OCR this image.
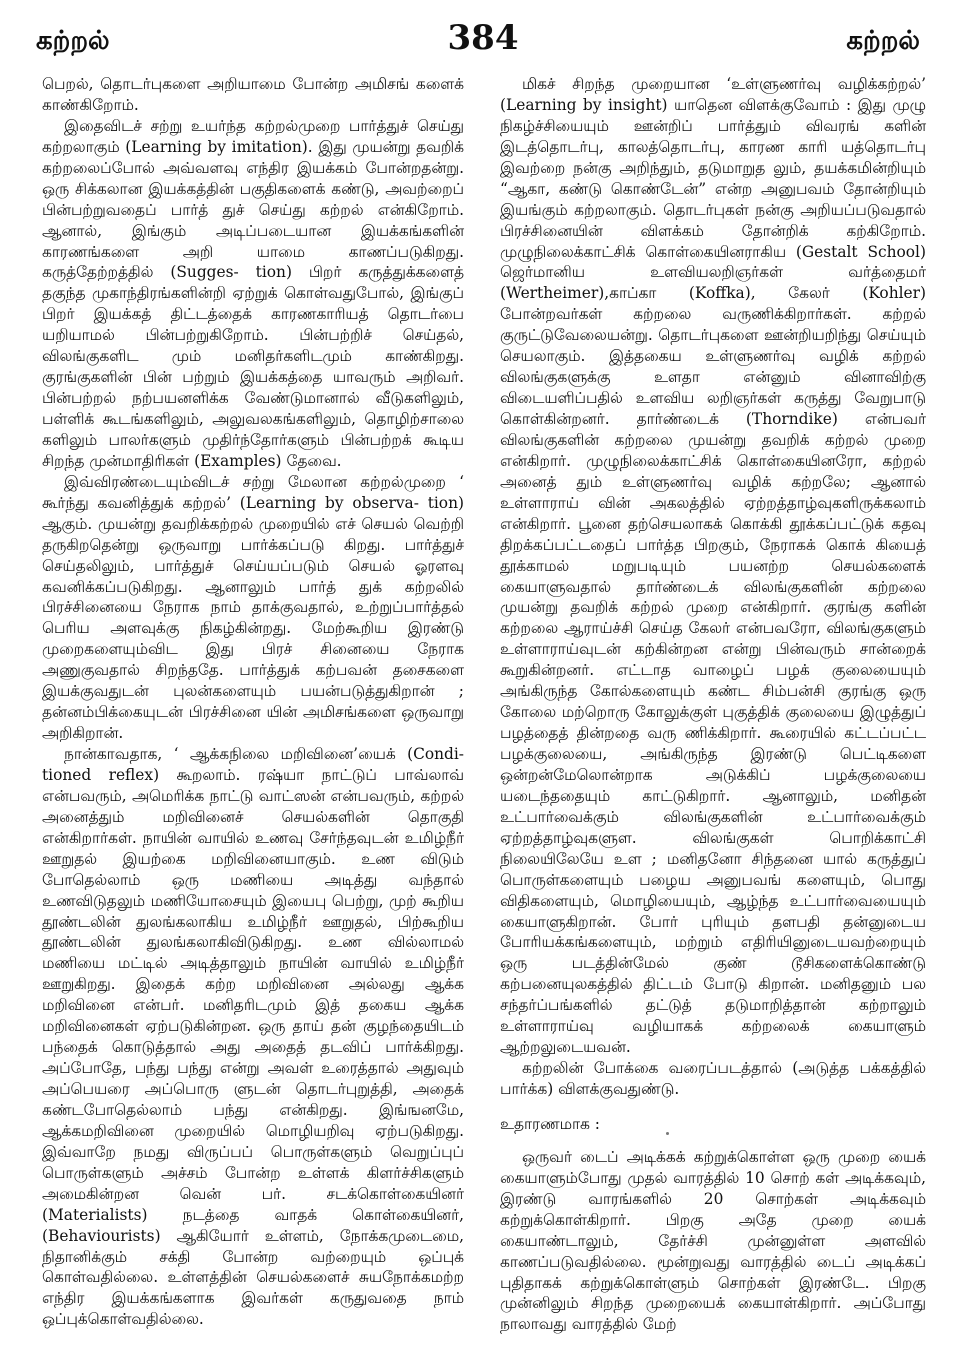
கற்றல்	384	கற்றல்

பெறல், தொடர்புகளை அறியாமை போன்ற அமிசங் களைக் காண்கிறோம்.

இதைவிடச் சற்று உயர்ந்த கற்றல்முறை பார்த்துச் செய்து கற்றலாகும் (Learning by imitation). இது முயன்று தவறிக் கற்றலைப்போல் அவ்வளவு எந்திர இயக்கம் போன்றதன்று. ஒரு சிக்கலான இயக்கத்தின் பகுதிகளைக் கண்டு, அவற்றைப் பின்பற்றுவதைப் பார்த் துச் செய்து கற்றல் என்கிறோம். ஆனால், இங்கும் அடிப்படையான இயக்கங்களின் காரணங்களை அறி யாமை காணப்படுகிறது. கருத்தேற்றத்தில் (Sugges- tion) பிறர் கருத்துக்களைத் தகுந்த முகாந்திரங்களின்றி ஏற்றுக் கொள்வதுபோல், இங்குப் பிறர் இயக்கத் திட்டத்தைக் காரணகாரியத் தொடர்பை யறியாமல் பின்பற்றுகிறோம். பின்பற்றிச் செய்தல், விலங்குகளிட மும் மனிதர்களிடமும் காண்கிறது. குரங்குகளின் பின் பற்றும் இயக்கத்தை யாவரும் அறிவர். பின்பற்றல் நற்பயனளிக்க வேண்டுமானால் வீடுகளிலும், பள்ளிக் கூடங்களிலும், அலுவலகங்களிலும், தொழிற்சாலை களிலும் பாலர்களும் முதிர்ந்தோர்களும் பின்பற்றக் கூடிய சிறந்த முன்மாதிரிகள் (Examples) தேவை.

இவ்விரண்டையும்விடச் சற்று மேலான கற்றல்முறை ‘ கூர்ந்து கவனித்துக் கற்றல்’ (Learning by observa- tion) ஆகும். முயன்று தவறிக்கற்றல் முறையில் எச் செயல் வெற்றி தருகிறதென்று ஒருவாறு பார்க்கப்படு கிறது. பார்த்துச் செய்தலிலும், பார்த்துச் செய்யப்படும் செயல் ஓரளவு கவனிக்கப்படுகிறது. ஆனாலும் பார்த் துக் கற்றலில் பிரச்சினையை நேராக நாம் தாக்குவதால், உற்றுப்பார்த்தல் பெரிய அளவுக்கு நிகழ்கின்றது. மேற்கூறிய இரண்டு முறைகளையும்விட இது பிரச் சினையை நேராக அணுகுவதால் சிறந்ததே. பார்த்துக் கற்பவன் தசைகளை இயக்குவதுடன் புலன்களையும் பயன்படுத்துகிறான் ; தன்னம்பிக்கையுடன் பிரச்சினை யின் அமிசங்களை ஒருவாறு அறிகிறான்.

நான்காவதாக, ‘ ஆக்கநிலை மறிவினை’யைக் (Condi- tioned reflex) கூறலாம். ரஷ்யா நாட்டுப் பாவ்லாவ் என்பவரும், அமெரிக்க நாட்டு வாட்ஸன் என்பவரும், கற்றல் அனைத்தும் மறிவினைச் செயல்களின் தொகுதி என்கிறார்கள். நாயின் வாயில் உணவு சேர்ந்தவுடன் உமிழ்நீர் ஊறுதல் இயற்கை மறிவினையாகும். உண விடும் போதெல்லாம் ஒரு மணியை அடித்து வந்தால் உணவிடுதலும் மணியோசையும் இயைபு பெற்று, முற் கூறிய தூண்டலின் துலங்கலாகிய உமிழ்நீர் ஊறுதல், பிற்கூறிய தூண்டலின் துலங்கலாகிவிடுகிறது. உண வில்லாமல் மணியை மட்டில் அடித்தாலும் நாயின் வாயில் உமிழ்நீர் ஊறுகிறது. இதைக் கற்ற மறிவினை அல்லது ஆக்க மறிவினை என்பர். மனிதரிடமும் இத் தகைய ஆக்க மறிவினைகள் ஏற்படுகின்றன. ஒரு தாய் தன் குழந்தையிடம் பந்தைக் கொடுத்தால் அது அதைத் தடவிப் பார்க்கிறது. அப்போதே, பந்து பந்து என்று அவள் உரைத்தால் அதுவும் அப்பெயரை அப்பொரு ளுடன் தொடர்புறுத்தி, அதைக் கண்டபோதெல்லாம் பந்து என்கிறது. இங்ஙனமே, ஆக்கமறிவினை முறையில் மொழியறிவு ஏற்படுகிறது. இவ்வாறே நமது விருப்பப் பொருள்களும் வெறுப்புப் பொருள்களும் அச்சம் போன்ற உள்ளக் கிளர்ச்சிகளும் அமைகின்றன வென் பர். சடக்கொள்கையினர் (Materialists) நடத்தை வாதக் கொள்கையினர், (Behaviourists) ஆகியோர் உள்ளம், நோக்கமுடைமை, நிதானிக்கும் சக்தி போன்ற வற்றையும் ஒப்புக் கொள்வதில்லை. உள்ளத்தின் செயல்களைச் சுயநோக்கமற்ற எந்திர இயக்கங்களாக இவர்கள் கருதுவதை நாம் ஒப்புக்கொள்வதில்லை.

மிகச் சிறந்த முறையான ‘உள்ளுணர்வு வழிக்கற்றல்’ (Learning by insight) யாதென விளக்குவோம் : இது முழு நிகழ்ச்சியையும் ஊன்றிப் பார்த்தும் விவரங் களின் இடத்தொடர்பு, காலத்தொடர்பு, காரண காரி யத்தொடர்பு இவற்றை நன்கு அறிந்தும், தடுமாறுத லும், தயக்கமின்றியும் “ஆகா, கண்டு கொண்டேன்” என்ற அனுபவம் தோன்றியும் இயங்கும் கற்றலாகும். தொடர்புகள் நன்கு அறியப்படுவதால் பிரச்சினையின் விளக்கம் தோன்றிக் கற்கிறோம். முழுநிலைக்காட்சிக் கொள்கையினராகிய (Gestalt School) ஜெர்மானிய உளவியலறிஞர்கள் வர்த்தைமர் (Wertheimer),காப்கா (Koffka), கேலர் (Kohler) போன்றவர்கள் கற்றலை வருணிக்கிறார்கள். கற்றல் குருட்டுவேலையன்று. தொடர்புகளை ஊன்றியறிந்து செய்யும் செயலாகும். இத்தகைய உள்ளுணர்வு வழிக் கற்றல் விலங்குகளுக்கு உளதா என்னும் வினாவிற்கு விடையளிப்பதில் உளவிய லறிஞர்கள் கருத்து வேறுபாடு கொள்கின்றனர். தார்ண்டைக் (Thorndike) என்பவர் விலங்குகளின் கற்றலை முயன்று தவறிக் கற்றல் முறை என்கிறார். முழுநிலைக்காட்சிக் கொள்கையினரோ, கற்றல் அனைத் தும் உள்ளுணர்வு வழிக் கற்றலே; ஆனால் உள்ளாராய் வின் அகலத்தில் ஏற்றத்தாழ்வுகளிருக்கலாம் என்கிறார். பூனை தற்செயலாகக் கொக்கி தூக்கப்பட்டுக் கதவு திறக்கப்பட்டதைப் பார்த்த பிறகும், நேராகக் கொக் கியைத் தூக்காமல் மறுபடியும் பயனற்ற செயல்களைக் கையாளுவதால் தார்ண்டைக் விலங்குகளின் கற்றலை முயன்று தவறிக் கற்றல் முறை என்கிறார். குரங்கு களின் கற்றலை ஆராய்ச்சி செய்த கேலர் என்பவரோ, விலங்குகளும் உள்ளாராய்வுடன் கற்கின்றன என்று பின்வரும் சான்றைக் கூறுகின்றனர். எட்டாத வாழைப் பழக் குலையையும் அங்கிருந்த கோல்களையும் கண்ட சிம்பன்சி குரங்கு ஒரு கோலை மற்றொரு கோலுக்குள் புகுத்திக் குலையை இழுத்துப் பழத்தைத் தின்றதை வரு ணிக்கிறார். கூரையில் கட்டப்பட்ட பழக்குலையை, அங்கிருந்த இரண்டு பெட்டிகளை ஒன்றன்மேலொன்றாக அடுக்கிப் பழக்குலையை யடைந்ததையும் காட்டுகிறார். ஆனாலும், மனிதன் உட்பார்வைக்கும் விலங்குகளின் உட்பார்வைக்கும் ஏற்றத்தாழ்வுகளுள. விலங்குகள் பொறிக்காட்சி நிலையிலேயே உள ; மனிதனோ சிந்தனை யால் கருத்துப் பொருள்களையும் பழைய அனுபவங் களையும், பொது விதிகளையும், மொழியையும், ஆழ்ந்த உட்பார்வையையும் கையாளுகிறான். போர் புரியும் தளபதி தன்னுடைய போரியக்கங்களையும், மற்றும் எதிரியினுடையவற்றையும் ஒரு படத்தின்மேல் குண் டூசிகளைக்கொண்டு கற்பனையுலகத்தில் திட்டம் போடு கிறான். மனிதனும் பல சந்தர்ப்பங்களில் தட்டுத் தடுமாறித்தான் கற்றாலும் உள்ளாராய்வு வழியாகக் கற்றலைக் கையாளும் ஆற்றலுடையவன்.

கற்றலின் போக்கை வரைப்படத்தால் (அடுத்த பக்கத்தில் பார்க்க) விளக்குவதுண்டு.

உதாரணமாக :

ஒருவர் டைப் அடிக்கக் கற்றுக்கொள்ள ஒரு முறை யைக் கையாளும்போது முதல் வாரத்தில் 10 சொற் கள் அடிக்கவும், இரண்டு வாரங்களில் 20 சொற்கள் அடிக்கவும் கற்றுக்கொள்கிறார். பிறகு அதே முறை யைக் கையாண்டாலும், தேர்ச்சி முன்னுள்ள அளவில் காணப்படுவதில்லை. மூன்றுவது வாரத்தில் டைப் அடிக்கப் புதிதாகக் கற்றுக்கொள்ளும் சொற்கள் இரண்டே. பிறகு முன்னிலும் சிறந்த முறையைக் கையாள்கிறார். அப்போது நாலாவது வாரத்தில் மேற்
